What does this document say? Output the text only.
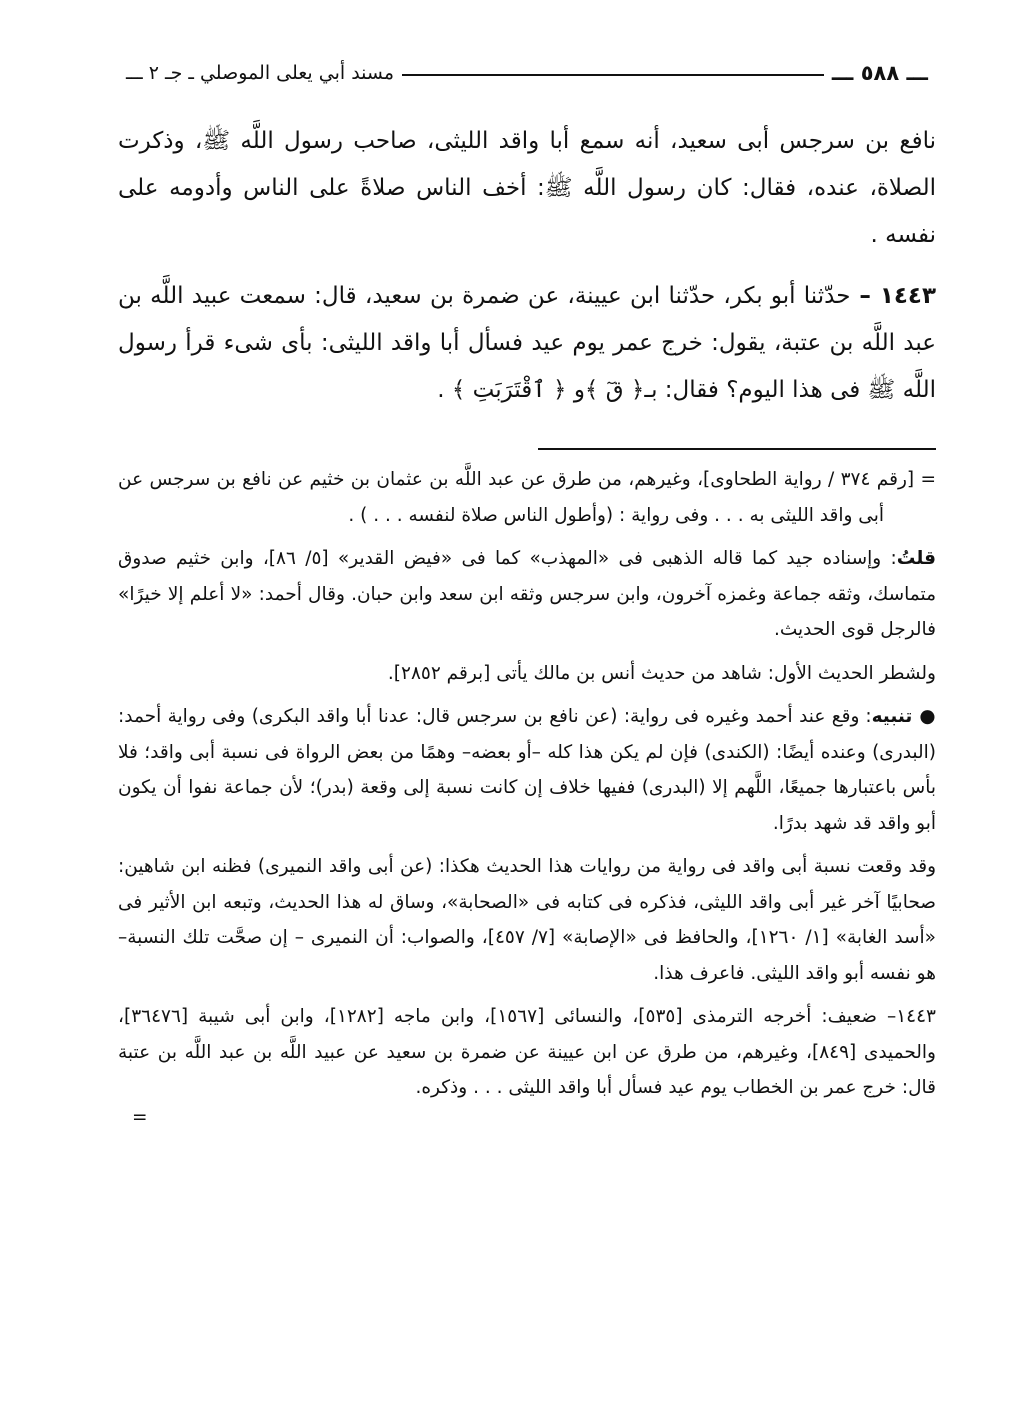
ـــ ٥٨٨ ـــ
مسند أبي يعلى الموصلي ـ جـ ٢ ـــ

نافع بن سرجس أبى سعيد، أنه سمع أبا واقد الليثى، صاحب رسول اللَّه ﷺ، وذكرت الصلاة، عنده، فقال: كان رسول اللَّه ﷺ: أخف الناس صلاةً على الناس وأدومه على نفسه .

١٤٤٣ – حدّثنا أبو بكر، حدّثنا ابن عيينة، عن ضمرة بن سعيد، قال: سمعت عبيد اللَّه بن عبد اللَّه بن عتبة، يقول: خرج عمر يوم عيد فسأل أبا واقد الليثى: بأى شىء قرأ رسول اللَّه ﷺ فى هذا اليوم؟ فقال: بـ﴿ قٓ ﴾و ﴿ ٱقْتَرَبَتِ ﴾ .

= [رقم ٣٧٤ / رواية الطحاوى]، وغيرهم، من طرق عن عبد اللَّه بن عثمان بن خثيم عن نافع بن سرجس عن أبى واقد الليثى به . . . وفى رواية : (وأطول الناس صلاة لنفسه . . . ) .

قلتُ: وإسناده جيد كما قاله الذهبى فى «المهذب» كما فى «فيض القدير» [٥/ ٨٦]، وابن خثيم صدوق متماسك، وثقه جماعة وغمزه آخرون، وابن سرجس وثقه ابن سعد وابن حبان. وقال أحمد: «لا أعلم إلا خيرًا» فالرجل قوى الحديث.

ولشطر الحديث الأول: شاهد من حديث أنس بن مالك يأتى [برقم ٢٨٥٢].

● تنبيه: وقع عند أحمد وغيره فى رواية: (عن نافع بن سرجس قال: عدنا أبا واقد البكرى) وفى رواية أحمد: (البدرى) وعنده أيضًا: (الكندى) فإن لم يكن هذا كله –أو بعضه– وهمًا من بعض الرواة فى نسبة أبى واقد؛ فلا بأس باعتبارها جميعًا، اللَّهم إلا (البدرى) ففيها خلاف إن كانت نسبة إلى وقعة (بدر)؛ لأن جماعة نفوا أن يكون أبو واقد قد شهد بدرًا.

وقد وقعت نسبة أبى واقد فى رواية من روايات هذا الحديث هكذا: (عن أبى واقد النميرى) فظنه ابن شاهين: صحابيًا آخر غير أبى واقد الليثى، فذكره فى كتابه فى «الصحابة»، وساق له هذا الحديث، وتبعه ابن الأثير فى «أسد الغابة» [١/ ١٢٦٠]، والحافظ فى «الإصابة» [٧/ ٤٥٧]، والصواب: أن النميرى – إن صحَّت تلك النسبة– هو نفسه أبو واقد الليثى. فاعرف هذا.

١٤٤٣– ضعيف: أخرجه الترمذى [٥٣٥]، والنسائى [١٥٦٧]، وابن ماجه [١٢٨٢]، وابن أبى شيبة [٣٦٤٧٦]، والحميدى [٨٤٩]، وغيرهم، من طرق عن ابن عيينة عن ضمرة بن سعيد عن عبيد اللَّه بن عبد اللَّه بن عتبة قال: خرج عمر بن الخطاب يوم عيد فسأل أبا واقد الليثى . . . وذكره.

=
